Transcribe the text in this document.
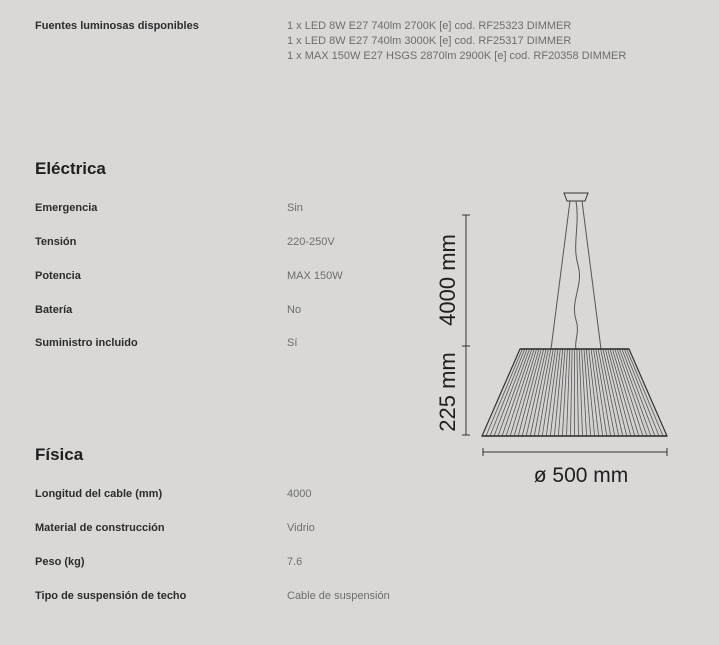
Fuentes luminosas disponibles	1 x LED 8W E27 740lm 2700K [e] cod. RF25323 DIMMER
1 x LED 8W E27 740lm 3000K [e] cod. RF25317 DIMMER
1 x MAX 150W E27 HSGS 2870lm 2900K [e] cod. RF20358 DIMMER
Eléctrica
Emergencia	Sin
Tensión	220-250V
Potencia	MAX 150W
Batería	No
Suministro incluido	Sí
Física
Longitud del cable (mm)	4000
Material de construcción	Vidrio
Peso (kg)	7.6
Tipo de suspensión de techo	Cable de suspensión
4000 mm
225 mm
ø 500 mm
